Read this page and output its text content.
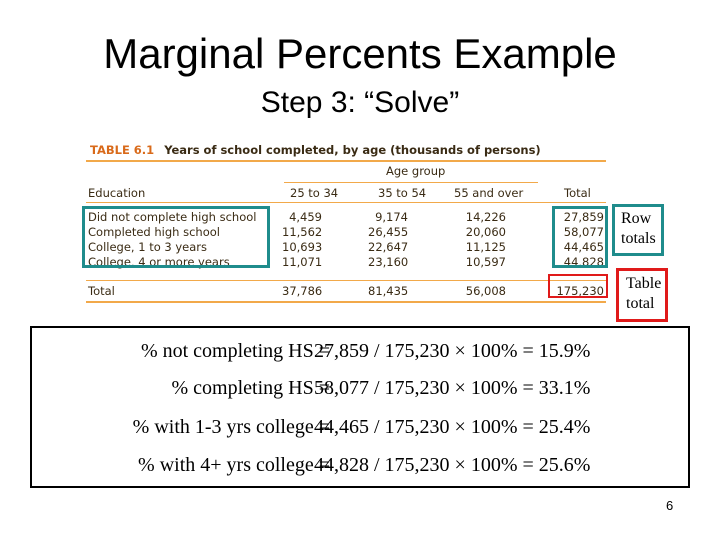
Marginal Percents Example
Step 3: “Solve”
TABLE 6.1 Years of school completed, by age (thousands of persons)
Age group
Education	25 to 34	35 to 54 55 and over	Total
Did not complete high school	4,459	9,174	14,226	27,859
Completed high school	11,562	26,455	20,060	58,077
College, 1 to 3 years	10,693	22,647	11,125	44,465
College, 4 or more years	11,071	23,160	10,597	44,828
Total	37,786	81,435	56,008	175,230
Row
totals
Table
total
% not completing HS =
27,859 / 175,230 × 100% = 15.9%
% completing HS =
58,077 / 175,230 × 100% = 33.1%
% with 1-3 yrs college =
44,465 / 175,230 × 100% = 25.4%
% with 4+ yrs college =
44,828 / 175,230 × 100% = 25.6%
6
